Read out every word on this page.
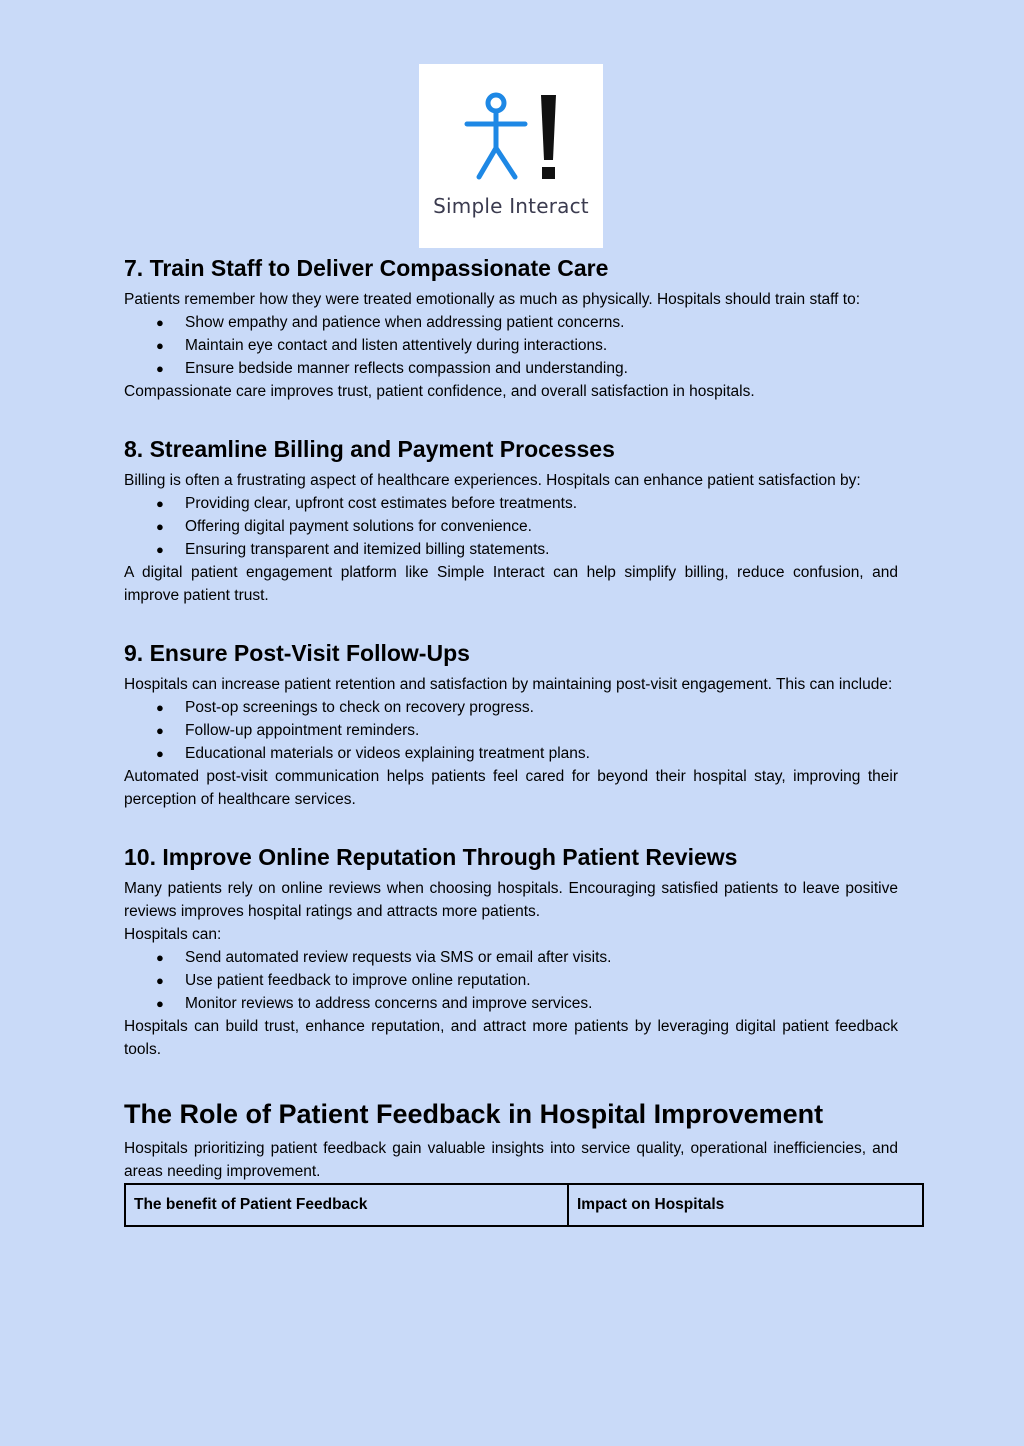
Simple Interact
7. Train Staff to Deliver Compassionate Care

Patients remember how they were treated emotionally as much as physically. Hospitals should train staff to:

● Show empathy and patience when addressing patient concerns.
● Maintain eye contact and listen attentively during interactions.
● Ensure bedside manner reflects compassion and understanding.

Compassionate care improves trust, patient confidence, and overall satisfaction in hospitals.

8. Streamline Billing and Payment Processes

Billing is often a frustrating aspect of healthcare experiences. Hospitals can enhance patient satisfaction by:

● Providing clear, upfront cost estimates before treatments.
● Offering digital payment solutions for convenience.
● Ensuring transparent and itemized billing statements.

A digital patient engagement platform like Simple Interact can help simplify billing, reduce confusion, and improve patient trust.

9. Ensure Post-Visit Follow-Ups

Hospitals can increase patient retention and satisfaction by maintaining post-visit engagement. This can include:

● Post-op screenings to check on recovery progress.
● Follow-up appointment reminders.
● Educational materials or videos explaining treatment plans.

Automated post-visit communication helps patients feel cared for beyond their hospital stay, improving their perception of healthcare services.

10. Improve Online Reputation Through Patient Reviews

Many patients rely on online reviews when choosing hospitals. Encouraging satisfied patients to leave positive reviews improves hospital ratings and attracts more patients.

Hospitals can:

● Send automated review requests via SMS or email after visits.
● Use patient feedback to improve online reputation.
● Monitor reviews to address concerns and improve services.

Hospitals can build trust, enhance reputation, and attract more patients by leveraging digital patient feedback tools.

The Role of Patient Feedback in Hospital Improvement

Hospitals prioritizing patient feedback gain valuable insights into service quality, operational inefficiencies, and areas needing improvement.

The benefit of Patient Feedback	Impact on Hospitals
